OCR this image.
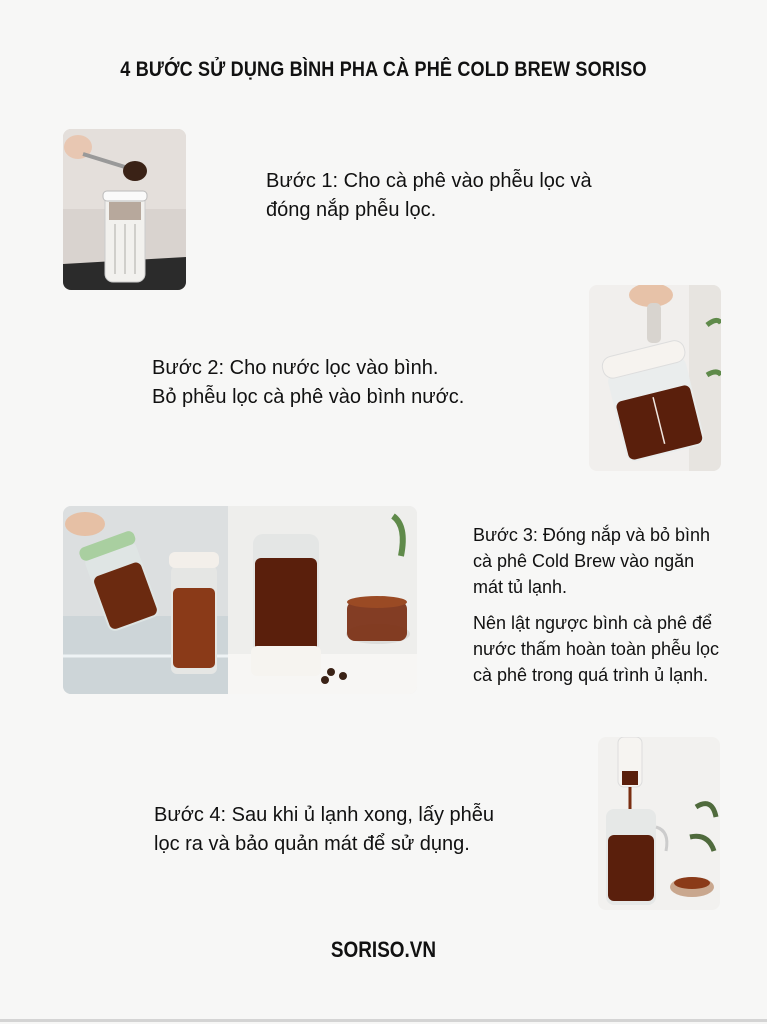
4 BƯỚC SỬ DỤNG BÌNH PHA CÀ PHÊ COLD BREW SORISO

Bước 1: Cho cà phê vào phễu lọc và

đóng nắp phễu lọc.

Bước 2: Cho nước lọc vào bình.

Bỏ phễu lọc cà phê vào bình nước.

Bước 3: Đóng nắp và bỏ bình cà phê Cold Brew vào ngăn mát tủ lạnh.

Nên lật ngược bình cà phê để nước thấm hoàn toàn phễu lọc cà phê trong quá trình ủ lạnh.

Bước 4: Sau khi ủ lạnh xong, lấy phễu

lọc ra và bảo quản mát để sử dụng.

SORISO.VN
